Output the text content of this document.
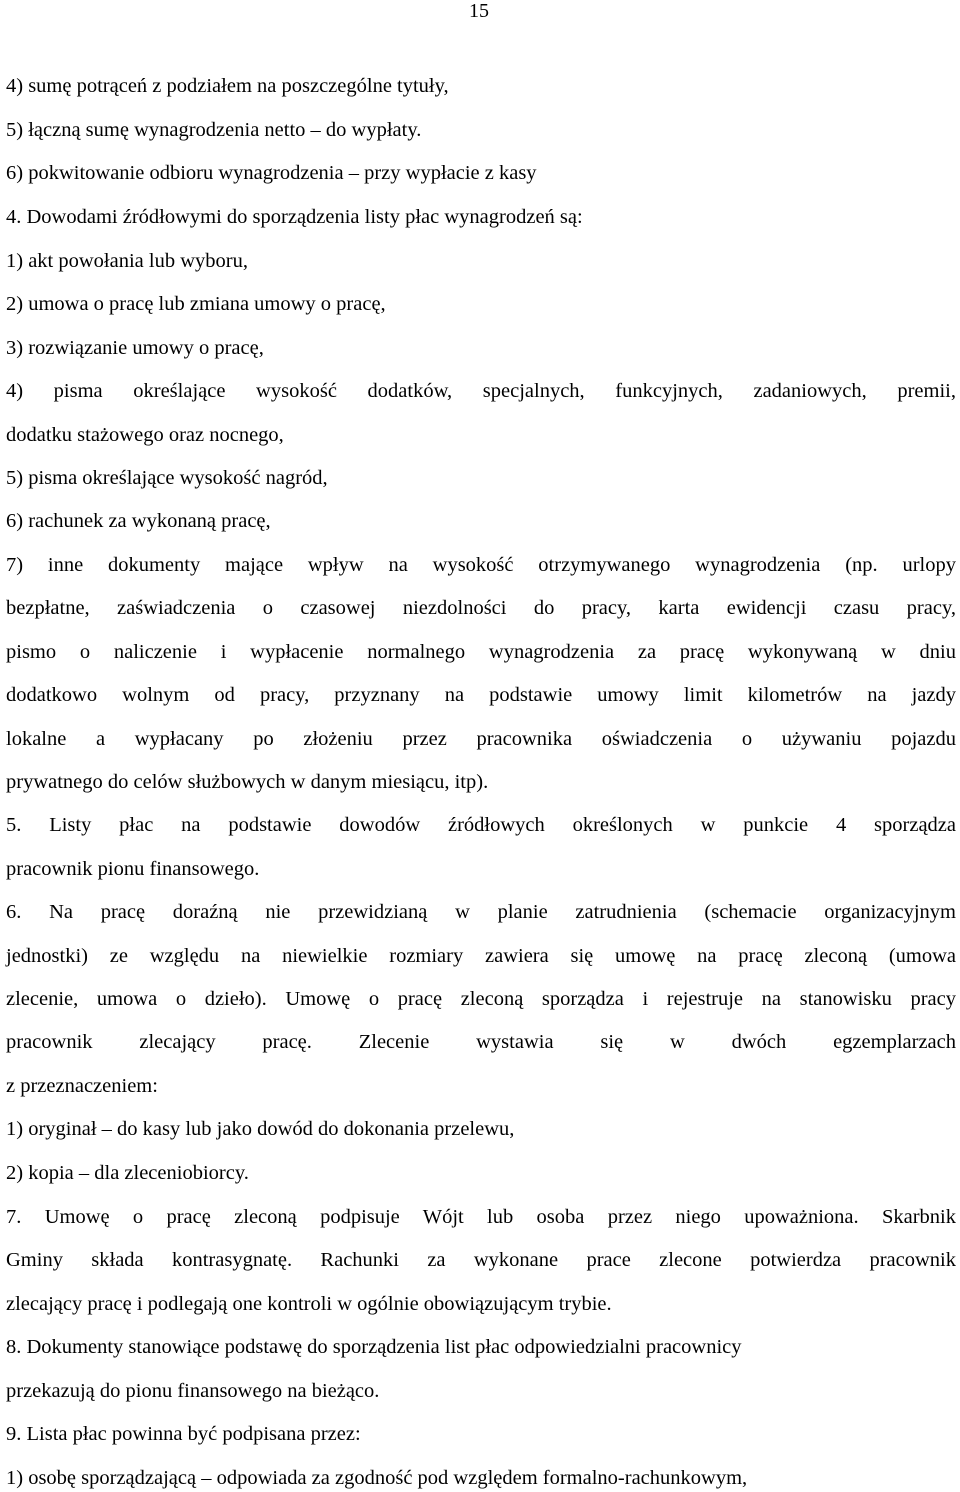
15
4) sumę potrąceń z podziałem na poszczególne tytuły,
5) łączną sumę wynagrodzenia netto – do wypłaty.
6) pokwitowanie odbioru wynagrodzenia – przy wypłacie z kasy
4. Dowodami źródłowymi do sporządzenia listy płac wynagrodzeń są:
1) akt powołania lub wyboru,
2) umowa o pracę lub zmiana umowy o pracę,
3) rozwiązanie umowy o pracę,
4) pisma określające wysokość dodatków, specjalnych, funkcyjnych, zadaniowych, premii,
dodatku stażowego oraz nocnego,
5) pisma określające wysokość nagród,
6) rachunek za wykonaną pracę,
7) inne dokumenty mające wpływ na wysokość otrzymywanego wynagrodzenia (np. urlopy
bezpłatne, zaświadczenia o czasowej niezdolności do pracy, karta ewidencji czasu pracy,
pismo o naliczenie i wypłacenie normalnego wynagrodzenia za pracę wykonywaną w dniu
dodatkowo wolnym od pracy, przyznany na podstawie umowy limit kilometrów na jazdy
lokalne a wypłacany po złożeniu przez pracownika oświadczenia o używaniu pojazdu
prywatnego do celów służbowych w danym miesiącu, itp).
5. Listy płac na podstawie dowodów źródłowych określonych w punkcie 4 sporządza
pracownik pionu finansowego.
6. Na pracę doraźną nie przewidzianą w planie zatrudnienia (schemacie organizacyjnym
jednostki) ze względu na niewielkie rozmiary zawiera się umowę na pracę zleconą (umowa
zlecenie, umowa o dzieło). Umowę o pracę zleconą sporządza i rejestruje na stanowisku pracy
pracownik zlecający pracę. Zlecenie wystawia się w dwóch egzemplarzach
z przeznaczeniem:
1) oryginał – do kasy lub jako dowód do dokonania przelewu,
2) kopia – dla zleceniobiorcy.
7. Umowę o pracę zleconą podpisuje Wójt lub osoba przez niego upoważniona. Skarbnik
Gminy składa kontrasygnatę. Rachunki za wykonane prace zlecone potwierdza pracownik
zlecający pracę i podlegają one kontroli w ogólnie obowiązującym trybie.
8. Dokumenty stanowiące podstawę do sporządzenia list płac odpowiedzialni pracownicy
przekazują do pionu finansowego na bieżąco.
9. Lista płac powinna być podpisana przez:
1) osobę sporządzającą – odpowiada za zgodność pod względem formalno-rachunkowym,
